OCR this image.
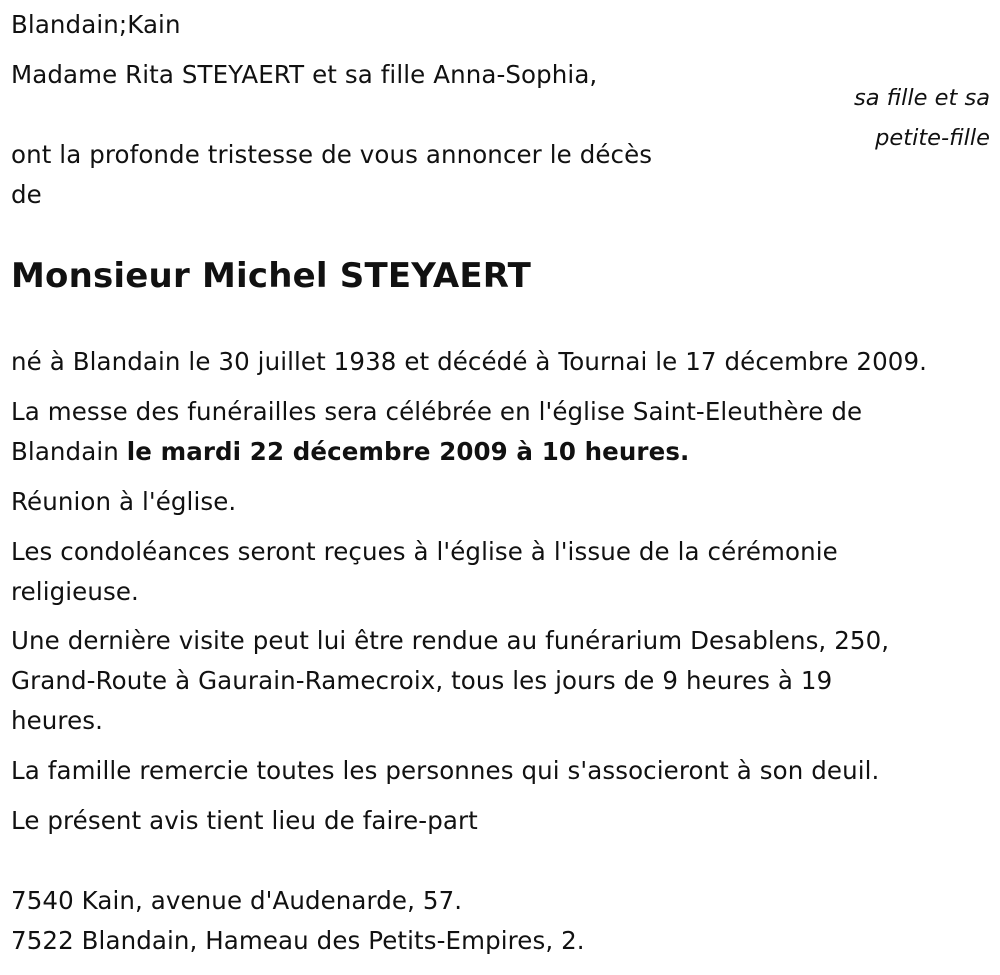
Blandain;Kain
Madame Rita STEYAERT et sa fille Anna-Sophia,
sa fille et sa
petite-fille
ont la profonde tristesse de vous annoncer le décès
de
Monsieur Michel STEYAERT
né à Blandain le 30 juillet 1938 et décédé à Tournai le 17 décembre 2009.
La messe des funérailles sera célébrée en l'église Saint-Eleuthère de
Blandain le mardi 22 décembre 2009 à 10 heures.
Réunion à l'église.
Les condoléances seront reçues à l'église à l'issue de la cérémonie
religieuse.
Une dernière visite peut lui être rendue au funérarium Desablens, 250,
Grand-Route à Gaurain-Ramecroix, tous les jours de 9 heures à 19
heures.
La famille remercie toutes les personnes qui s'associeront à son deuil.
Le présent avis tient lieu de faire-part
7540 Kain, avenue d'Audenarde, 57.
7522 Blandain, Hameau des Petits-Empires, 2.
